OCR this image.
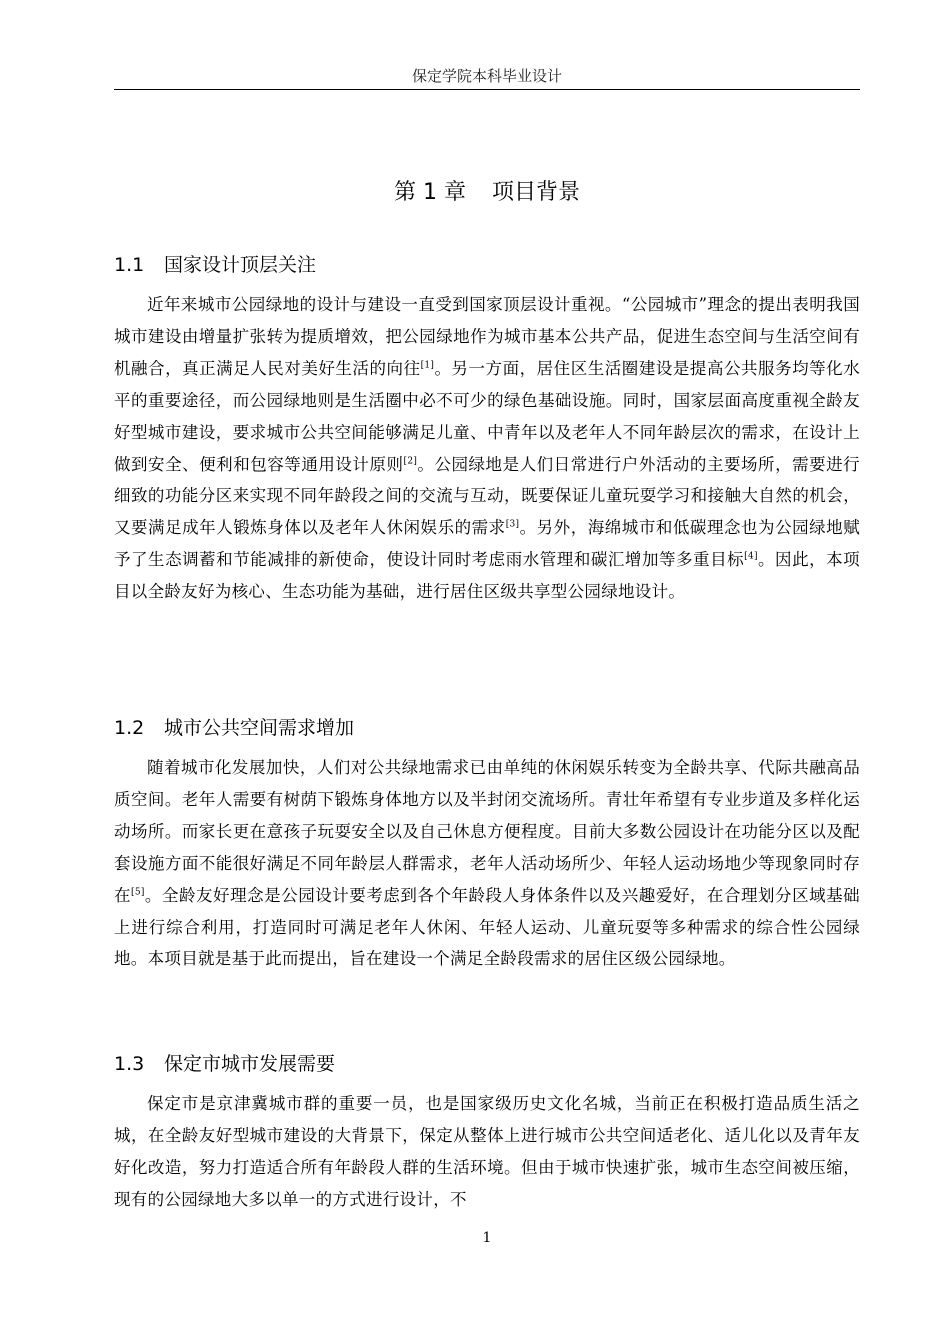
保定学院本科毕业设计
第 1 章 项目背景
1.1 国家设计顶层关注

近年来城市公园绿地的设计与建设一直受到国家顶层设计重视。“公园城市”理念的提出表明我国城市建设由增量扩张转为提质增效，把公园绿地作为城市基本公共产品，促进生态空间与生活空间有机融合，真正满足人民对美好生活的向往[1]。另一方面，居住区生活圈建设是提高公共服务均等化水平的重要途径，而公园绿地则是生活圈中必不可少的绿色基础设施。同时，国家层面高度重视全龄友好型城市建设，要求城市公共空间能够满足儿童、中青年以及老年人不同年龄层次的需求，在设计上做到安全、便利和包容等通用设计原则[2]。公园绿地是人们日常进行户外活动的主要场所，需要进行细致的功能分区来实现不同年龄段之间的交流与互动，既要保证儿童玩耍学习和接触大自然的机会，又要满足成年人锻炼身体以及老年人休闲娱乐的需求[3]。另外，海绵城市和低碳理念也为公园绿地赋予了生态调蓄和节能减排的新使命，使设计同时考虑雨水管理和碳汇增加等多重目标[4]。因此，本项目以全龄友好为核心、生态功能为基础，进行居住区级共享型公园绿地设计。

1.2 城市公共空间需求增加

随着城市化发展加快，人们对公共绿地需求已由单纯的休闲娱乐转变为全龄共享、代际共融高品质空间。老年人需要有树荫下锻炼身体地方以及半封闭交流场所。青壮年希望有专业步道及多样化运动场所。而家长更在意孩子玩耍安全以及自己休息方便程度。目前大多数公园设计在功能分区以及配套设施方面不能很好满足不同年龄层人群需求，老年人活动场所少、年轻人运动场地少等现象同时存在[5]。全龄友好理念是公园设计要考虑到各个年龄段人身体条件以及兴趣爱好，在合理划分区域基础上进行综合利用，打造同时可满足老年人休闲、年轻人运动、儿童玩耍等多种需求的综合性公园绿地。本项目就是基于此而提出，旨在建设一个满足全龄段需求的居住区级公园绿地。

1.3 保定市城市发展需要

保定市是京津冀城市群的重要一员，也是国家级历史文化名城，当前正在积极打造品质生活之城，在全龄友好型城市建设的大背景下，保定从整体上进行城市公共空间适老化、适儿化以及青年友好化改造，努力打造适合所有年龄段人群的生活环境。但由于城市快速扩张，城市生态空间被压缩，现有的公园绿地大多以单一的方式进行设计，不

1
